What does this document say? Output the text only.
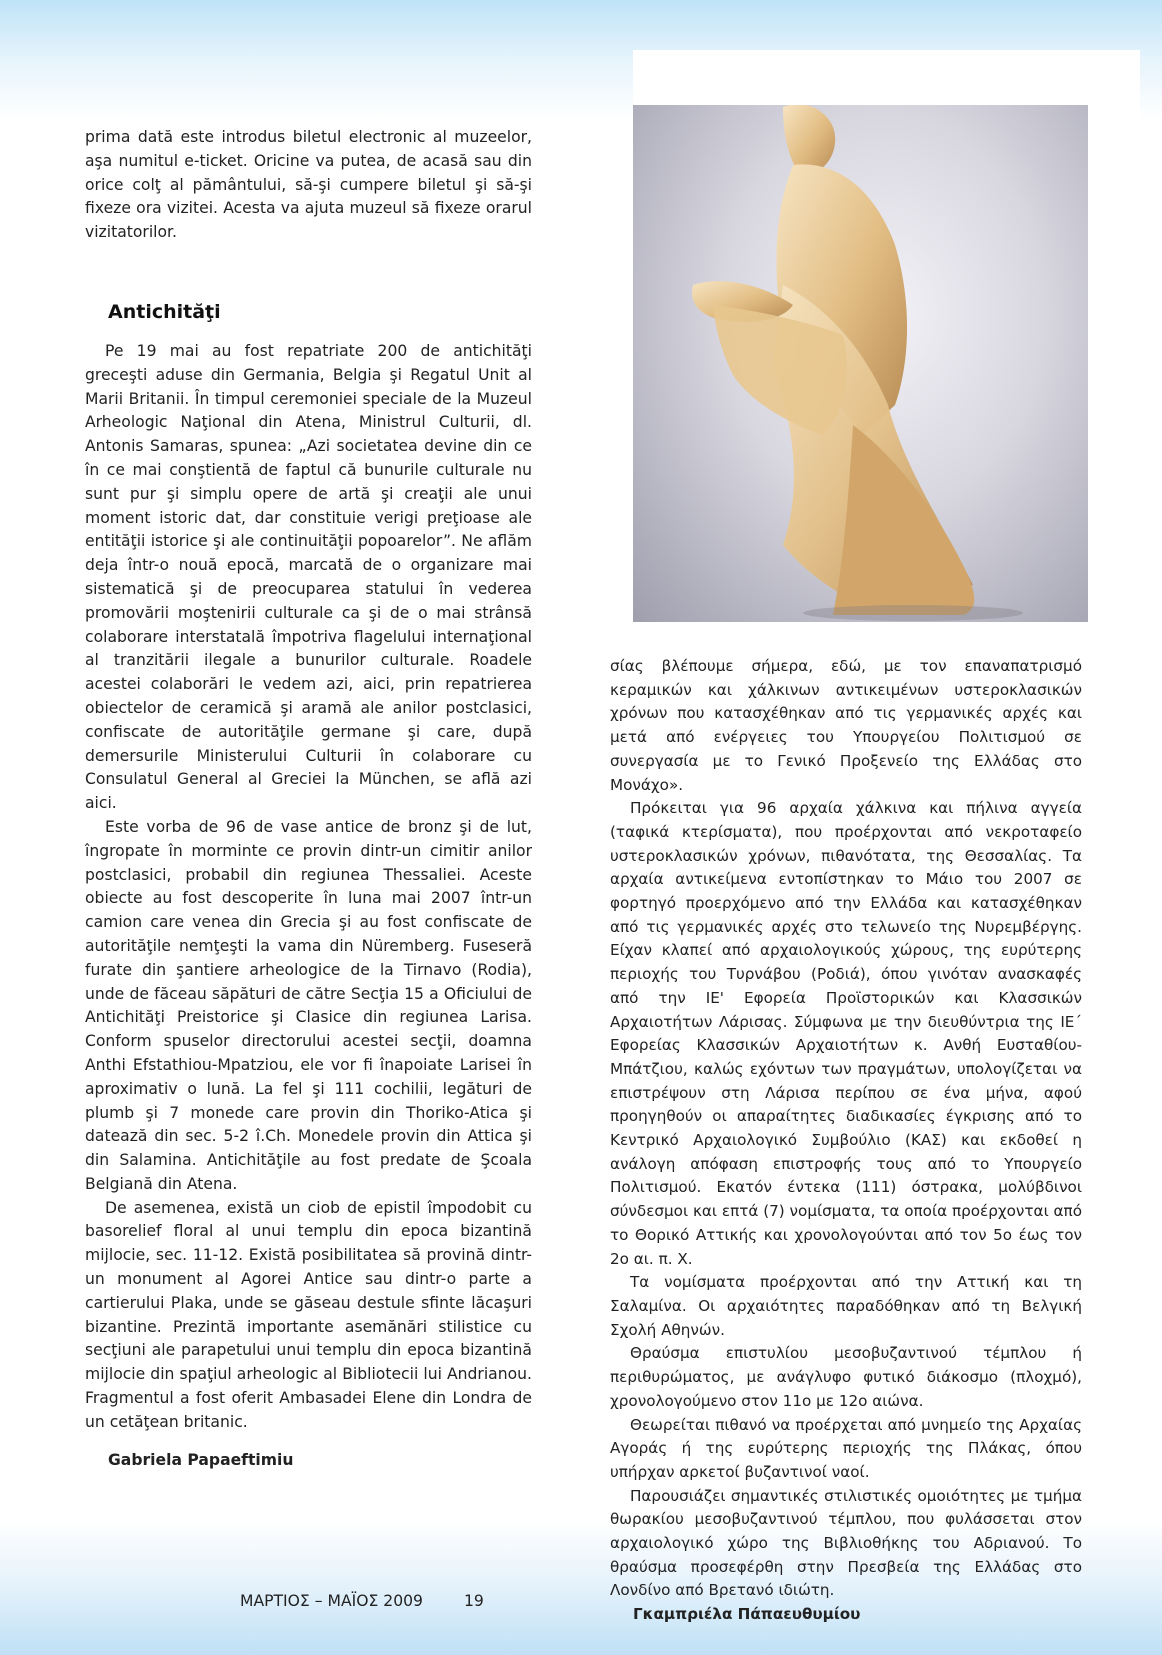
prima dată este introdus biletul electronic al muzeelor, aşa numitul e-ticket. Oricine va putea, de acasă sau din orice colţ al pământului, să-şi cumpere biletul şi să-şi fixeze ora vizitei. Acesta va ajuta muzeul să fixeze orarul vizitatorilor.

Antichităţi

Pe 19 mai au fost repatriate 200 de antichităţi greceşti aduse din Germania, Belgia şi Regatul Unit al Marii Britanii. În timpul ceremoniei speciale de la Muzeul Arheologic Naţional din Atena, Ministrul Culturii, dl. Antonis Samaras, spunea: „Azi societatea devine din ce în ce mai conştientă de faptul că bunurile culturale nu sunt pur şi simplu opere de artă şi creaţii ale unui moment istoric dat, dar constituie verigi preţioase ale entităţii istorice şi ale continuităţii popoarelor”. Ne aflăm deja într-o nouă epocă, marcată de o organizare mai sistematică şi de preocuparea statului în vederea promovării moştenirii culturale ca şi de o mai strânsă colaborare interstatală împotriva flagelului internaţional al tranzitării ilegale a bunurilor culturale. Roadele acestei colaborări le vedem azi, aici, prin repatrierea obiectelor de ceramică şi aramă ale anilor postclasici, confiscate de autorităţile germane şi care, după demersurile Ministerului Culturii în colaborare cu Consulatul General al Greciei la München, se află azi aici.

Este vorba de 96 de vase antice de bronz şi de lut, îngropate în morminte ce provin dintr-un cimitir anilor postclasici, probabil din regiunea Thessaliei. Aceste obiecte au fost descoperite în luna mai 2007 într-un camion care venea din Grecia şi au fost confiscate de autorităţile nemţeşti la vama din Nüremberg. Fuseseră furate din şantiere arheologice de la Tirnavo (Rodia), unde de făceau săpături de către Secţia 15 a Oficiului de Antichităţi Preistorice şi Clasice din regiunea Larisa. Conform spuselor directorului acestei secţii, doamna Anthi Efstathiou-Mpatziou, ele vor fi înapoiate Larisei în aproximativ o lună. La fel şi 111 cochilii, legături de plumb şi 7 monede care provin din Thoriko-Atica şi datează din sec. 5-2 î.Ch. Monedele provin din Attica şi din Salamina. Antichităţile au fost predate de Şcoala Belgiană din Atena.

De asemenea, există un ciob de epistil împodobit cu basorelief floral al unui templu din epoca bizantină mijlocie, sec. 11-12. Există posibilitatea să provină dintr-un monument al Agorei Antice sau dintr-o parte a cartierului Plaka, unde se găseau destule sfinte lăcaşuri bizantine. Prezintă importante asemănări stilistice cu secţiuni ale parapetului unui templu din epoca bizantină mijlocie din spaţiul arheologic al Bibliotecii lui Andrianou. Fragmentul a fost oferit Ambasadei Elene din Londra de un cetăţean britanic.

Gabriela Papaeftimiu

σίας βλέπουμε σήμερα, εδώ, με τον επαναπατρισμό κεραμικών και χάλκινων αντικειμένων υστερoκλασικών χρόνων που κατασχέθηκαν από τις γερμανικές αρχές και μετά από ενέργειες του Υπουργείου Πολιτισμού σε συνεργασία με το Γενικό Προξενείο της Ελλάδας στο Μονάχο».

Πρόκειται για 96 αρχαία χάλκινα και πήλινα αγγεία (ταφικά κτερίσματα), που προέρχονται από νεκροταφείο υστερoκλασικών χρόνων, πιθανότατα, της Θεσσαλίας. Τα αρχαία αντικείμενα εντοπίστηκαν το Μάιο του 2007 σε φορτηγό προερχόμενο από την Ελλάδα και κατασχέθηκαν από τις γερμανικές αρχές στο τελωνείο της Νυρεμβέργης. Είχαν κλαπεί από αρχαιολογικούς χώρους, της ευρύτερης περιοχής του Τυρνάβου (Ροδιά), όπου γινόταν ανασκαφές από την ΙΕ' Εφορεία Προϊστορικών και Κλασσικών Αρχαιοτήτων Λάρισας. Σύμφωνα με την διευθύντρια της ΙΕ΄ Εφορείας Κλασσικών Αρχαιοτήτων κ. Ανθή Ευσταθίου- Μπάτζιου, καλώς εχόντων των πραγμάτων, υπολογίζεται να επιστρέψουν στη Λάρισα περίπου σε ένα μήνα, αφού προηγηθούν οι απαραίτητες διαδικασίες έγκρισης από το Κεντρικό Αρχαιολογικό Συμβούλιο (ΚΑΣ) και εκδοθεί η ανάλογη απόφαση επιστροφής τους από το Υπουργείο Πολιτισμού. Εκατόν έντεκα (111) όστρακα, μολύβδινοι σύνδεσμοι και επτά (7) νομίσματα, τα οποία προέρχονται από το Θορικό Αττικής και χρονολογούνται από τον 5ο έως τον 2ο αι. π. Χ.

Τα νομίσματα προέρχονται από την Αττική και τη Σαλαμίνα. Οι αρχαιότητες παραδόθηκαν από τη Βελγική Σχολή Αθηνών.

Θραύσμα επιστυλίου μεσοβυζαντινού τέμπλου ή περιθυρώματος, με ανάγλυφο φυτικό διάκοσμο (πλοχμό), χρονολογούμενο στον 11ο με 12ο αιώνα.

Θεωρείται πιθανό να προέρχεται από μνημείο της Αρχαίας Αγοράς ή της ευρύτερης περιοχής της Πλάκας, όπου υπήρχαν αρκετοί βυζαντινοί ναοί.

Παρουσιάζει σημαντικές στιλιστικές ομοιότητες με τμήμα θωρακίου μεσοβυζαντινού τέμπλου, που φυλάσσεται στον αρχαιολογικό χώρο της Βιβλιοθήκης του Αδριανού. Το θραύσμα προσεφέρθη στην Πρεσβεία της Ελλάδας στο Λονδίνο από Βρετανό ιδιώτη.

Γκαμπριέλα Πάπαευθυμίου

ΜΑΡΤΙΟΣ – ΜΑΪΟΣ 2009	19
